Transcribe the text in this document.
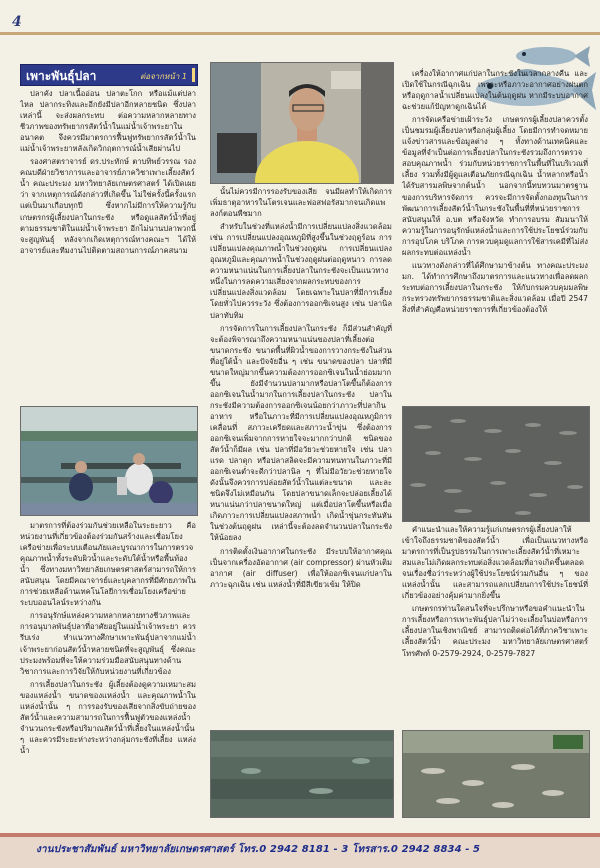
4
เพาะพันธุ์ปลา	ต่อจากหน้า 1

ปลาคัง ปลาเนื้ออ่อน ปลาตะโกก หรือแม้แต่ปลาไหล ปลากระทิงและอีกยังมีปลาอีกหลายชนิด ซึ่งปลาเหล่านี้ จะส่งผลกระทบ ต่อความหลากหลายทางชีวภาพของทรัพยากรสัตว์น้ำในแม่น้ำเจ้าพระยาในอนาคต จึงควรมีมาตรการฟื้นฟูทรัพยากรสัตว์น้ำในแม่น้ำเจ้าพระยาหลังเกิดวิกฤตการณ์น้ำเสียผ่านไป

รองศาสตราจารย์ ดร.ประทักษ์ ตาบทิพย์วรรณ รองคณบดีฝ่ายวิชาการและอาจารย์ภาควิชาเพาะเลี้ยงสัตว์น้ำ คณะประมง มหาวิทยาลัยเกษตรศาสตร์ ได้เปิดเผยว่า จากเหตุการณ์ดังกล่าวที่เกิดขึ้น ไม่ใช่ครั้งนี้ครั้งแรก แต่เป็นมาเกือบทุกปี ซึ่งหากไม่มีการให้ความรู้กับเกษตรกรผู้เลี้ยงปลาในกระชัง หรือดูแลสัตว์น้ำที่อยู่ตามธรรมชาติในแม่น้ำเจ้าพระยา อีกไม่นานปลาพวกนี้จะสูญพันธุ์ หลังจากเกิดเหตุการณ์ทางคณะฯ ได้ให้อาจารย์และทีมงานไปติดตามสถานการณ์ภาคสนาม

มาตรการที่ต้องร่วมกันช่วยเหลือในระยะยาว คือ หน่วยงานที่เกี่ยวข้องต้องร่วมกันสร้างและเชื่อมโยงเครือข่ายเพื่อระบบเตือนภัยและบูรณาการในการตรวจคุณภาพน้ำทั้งระดับผิวน้ำและระดับใต้น้ำหรือพื้นท้องน้ำ ซึ่งทางมหาวิทยาลัยเกษตรศาสตร์สามารถให้การสนับสนุน โดยมีคณาจารย์และบุคลากรที่มีศักยภาพในการช่วยเหลือด้านเทคโนโลยีการเชื่อมโยงเครือข่ายระบบออนไลน์ระหว่างกัน

การอนุรักษ์แหล่งความหลากหลายทางชีวภาพและการอนุบาลพันธุ์ปลาที่อาศัยอยู่ในแม่น้ำเจ้าพระยา ควรรีบเร่ง ทำแนวทางศึกษาเพาะพันธุ์ปลาจากแม่น้ำเจ้าพระยาก่อนสัตว์น้ำหลายชนิดที่จะสูญพันธุ์ ซึ่งคณะประมงพร้อมที่จะให้ความร่วมมือสนับสนุนทางด้านวิชาการและการวิจัยให้กับหน่วยงานที่เกี่ยวข้อง

การเลี้ยงปลาในกระชัง ผู้เลี้ยงต้องดูความเหมาะสมของแหล่งน้ำ ขนาดของแหล่งน้ำ และคุณภาพน้ำในแหล่งน้ำนั้น ๆ การรองรับของเสียจากสิ่งขับถ่ายของสัตว์น้ำและความสามารถในการฟื้นฟูตัวของแหล่งน้ำ จำนวนกระชังหรือปริมาณสัตว์น้ำที่เลี้ยงในแหล่งน้ำนั้น ๆ และควรมีระยะห่างระหว่างกลุ่มกระชังที่เลี้ยง แหล่งน้ำ

นั้นไม่ควรมีการรองรับของเสีย จนมีผลทำให้เกิดการเพิ่มธาตุอาหารในโตรเจนและฟอสฟอรัสมากจนเกิดแพลงก์ตอนพืชมาก

สำหรับในช่วงที่แหล่งน้ำมีการเปลี่ยนแปลงสิ่งแวดล้อม เช่น การเปลี่ยนแปลงอุณหภูมิที่สูงขึ้นในช่วงฤดูร้อน การเปลี่ยนแปลงคุณภาพน้ำในช่วงฤดูฝน การเปลี่ยนแปลงอุณหภูมิและคุณภาพน้ำในช่วงฤดูฝนต่อฤดูหนาว การลดความหนาแน่นในการเลี้ยงปลาในกระชังจะเป็นแนวทางหนึ่งในการลดความเสี่ยงจากผลกระทบของการเปลี่ยนแปลงสิ่งแวดล้อม โดยเฉพาะในปลาที่มีการเลี้ยงโดยทั่วไปควรระวัง ซึ่งต้องการออกซิเจนสูง เช่น ปลานิล ปลาทับทิม

การจัดการในการเลี้ยงปลาในกระชัง ก็มีส่วนสำคัญที่จะต้องพิจารณาถึงความหนาแน่นของปลาที่เลี้ยงต่อขนาดกระชัง ขนาดพื้นที่ผิวน้ำของการวางกระชังในส่วนที่อยู่ใต้น้ำ และปัจจัยอื่น ๆ เช่น ขนาดของปลา ปลาที่มีขนาดใหญ่มากขึ้นความต้องการออกซิเจนในน้ำย่อมมากขึ้น ยังมีจำนวนปลามากหรือปลาโตขึ้นก็ต้องการออกซิเจนในน้ำมากในการเลี้ยงปลาในกระชัง ปลาในกระชังมีความต้องการออกซิเจนน้อยกว่าภาวะที่ปลากินอาหาร หรือในภาวะที่มีการเปลี่ยนแปลงอุณหภูมิการเคลื่อนที่ สภาวะเครียดและสภาวะน้ำขุ่น ซึ่งต้องการออกซิเจนเพิ่มจากการหายใจจะมากกว่าปกติ ชนิดของสัตว์น้ำก็มีผล เช่น ปลาที่มีอวัยวะช่วยหายใจ เช่น ปลาแรด ปลาดุก หรือปลาสลิดจะมีความทนทานในภาวะที่มีออกซิเจนต่ำจะดีกว่าปลานิล ๆ ที่ไม่มีอวัยวะช่วยหายใจ ดังนั้นจึงควรการปล่อยสัตว์น้ำในแต่ละขนาด และละชนิดจึงไม่เหมือนกัน โดยปลาขนาดเล็กจะปล่อยเลี้ยงได้หนาแน่นกว่าปลาขนาดใหญ่ แต่เมื่อปลาโตขึ้นหรือเมื่อเกิดภาวะการเปลี่ยนแปลงสภาพน้ำ เกิดน้ำขุ่นกระทันหันในช่วงต้นฤดูฝน เหล่านี้จะต้องลดจำนวนปลาในกระชังให้น้อยลง

การติดตั้งเงินอากาศในกระชัง มีระบบให้อากาศคุณเป็นจากเครื่องอัดอากาศ (air compressor) ผ่านหัวเติมอากาศ (air diffuser) เพื่อให้ออกซิเจนแก่ปลาในภาวะฉุกเฉิน เช่น แหล่งน้ำที่มีสีเขียวเข้ม ให้ปิด

เครื่องให้อากาศแก่ปลาในกระชังในเวลากลางคืน และเปิดใช้ในกรณีฉุกเฉิน เพราะหรือภาวะอากาศอย่างฝนตกหรือฤดูกาลน้ำเปลี่ยนแปลงในต้นฤดูฝน หากมีระบบอากาศฉะช่วยแก้ปัญหาดูกเฉินได้

การจัดเครือข่ายเฝ้าระวัง เกษตรกรผู้เลี้ยงปลาควรตั้งเป็นชมรมผู้เลี้ยงปลาหรือกลุ่มผู้เลี้ยง โดยมีการทำจดหมายแจ้งข่าวสารและข้อมูลต่าง ๆ ทั้งทางด้านเทคนิคและข้อมูลที่จำเป็นต่อการเลี้ยงปลาในกระชังรวมถึงการตรวจสอบคุณภาพน้ำ ร่วมกับหน่วยราชการในพื้นที่ในบริเวณที่เลี้ยง รวมทั้งมีผู้ดูแลเตือนภัยกรณีฉุกเฉิน น้ำหลากหรือน้ำได้รับสารมลพิษจากต้นน้ำ นอกจากนี้ทบทวนมาตรฐานของการบริหารจัดการ ควรจะมีการจัดตั้งกองทุนในการพัฒนาการเลี้ยงสัตว์น้ำในกระชังในพื้นที่ที่หน่วยราชการสนับสนุนให้ อ.บต หรือจังหวัด ทำการอบรม สัมมนาให้ความรู้ในการอนุรักษ์แหล่งน้ำและการใช้ประโยชน์ร่วมกับการอุปโภค บริโภค การควบคุมดูแลการใช้สารเคมีที่ไม่ส่งผลกระทบต่อแหล่งน้ำ

แนวทางดังกล่าวที่ได้ศึกษามาข้างต้น ทางคณะประมง มก. ได้ทำการศึกษาถึงมาตรการและแนวทางเพื่อลดผลกระทบต่อการเลี้ยงปลาในกระชัง ให้กับกรมควบคุมมลพิษ กระทรวงทรัพยากรธรรมชาติและสิ่งแวดล้อม เมื่อปี 2547 สิ่งที่สำคัญคือหน่วยราชการที่เกี่ยวข้องต้องให้

คำแนะนำและให้ความรู้แก่เกษตรกรผู้เลี้ยงปลาให้เข้าใจถึงธรรมชาติของสัตว์น้ำ เพื่อเป็นแนวทางหรือมาตรการที่เป็นรูปธรรมในการเพาะเลี้ยงสัตว์น้ำที่เหมาะสมและไม่เกิดผลกระทบต่อสิ่งแวดล้อมที่อาจเกิดขึ้นตลอดจนเรื่องชื่อว่าระหว่างผู้ใช้ประโยชน์ร่วมกันอื่น ๆ ของแหล่งน้ำนั้น และสามารถแลกเปลี่ยนการใช้ประโยชน์ที่เกี่ยวข้องอย่างคุ้มค่ามากยิ่งขึ้น

เกษตรกรท่านใดสนใจที่จะปรึกษาหรือขอคำแนะนำในการเลี้ยงหรือการเพาะพันธุ์ปลาไม่ว่าจะเลี้ยงในบ่อหรือการเลี้ยงปลาในเชิงพาณิชย์ สามารถติดต่อได้ที่ภาควิชาเพาะเลี้ยงสัตว์น้ำ คณะประมง มหาวิทยาลัยเกษตรศาสตร์ โทรศัพท์ 0-2579-2924, 0-2579-7827

งานประชาสัมพันธ์ มหาวิทยาลัยเกษตรศาสตร์ โทร.0 2942 8181 - 3 โทรสาร.0 2942 8834 - 5
